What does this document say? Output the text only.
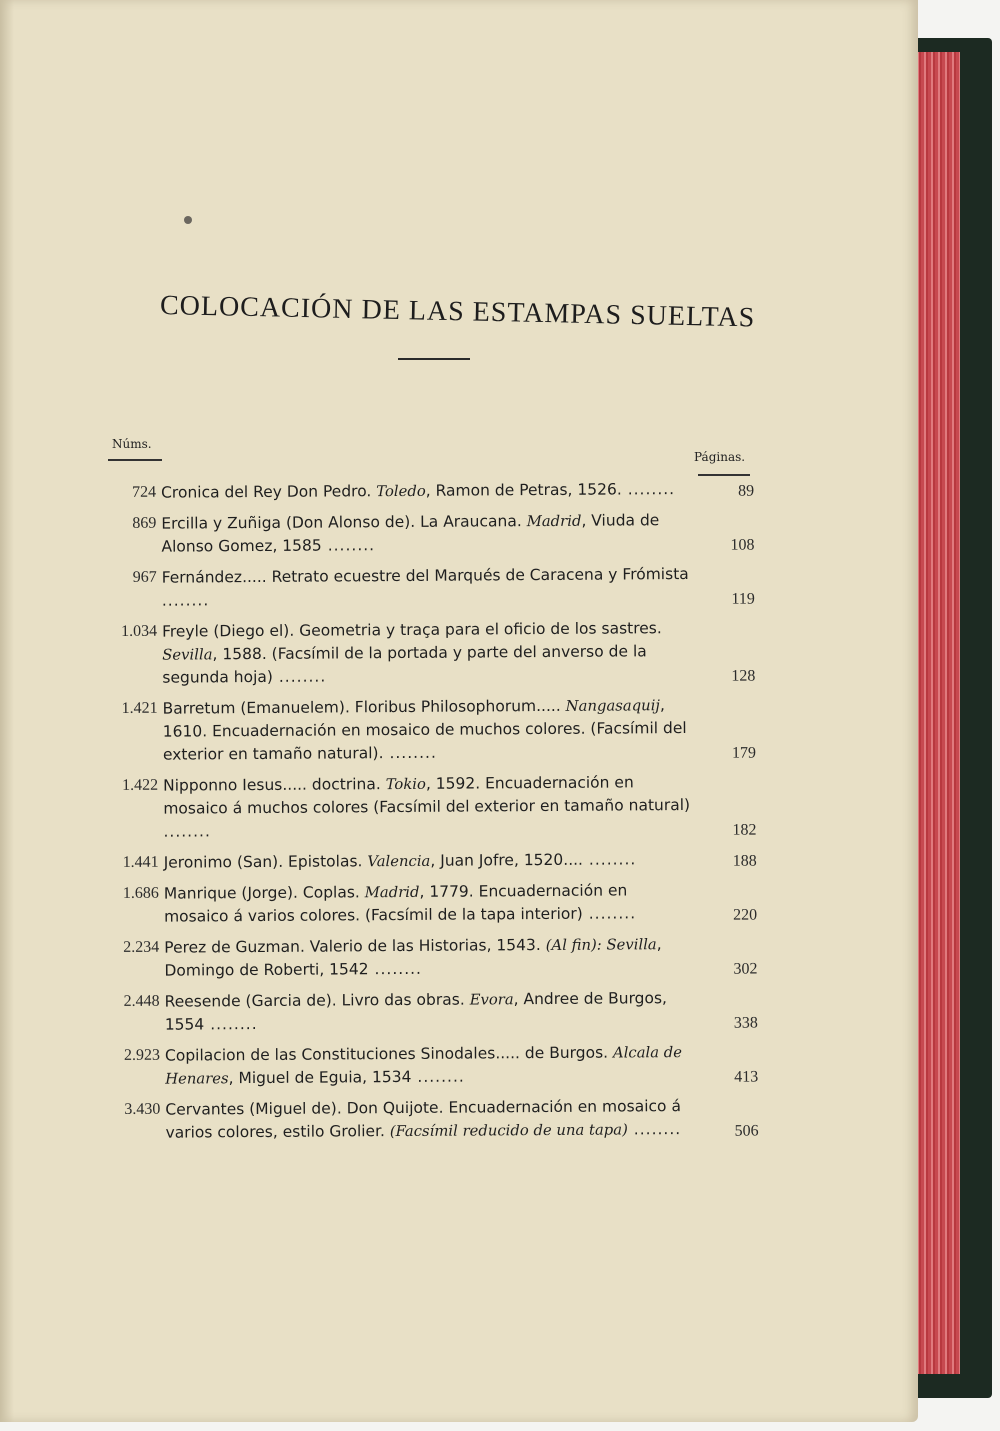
COLOCACIÓN DE LAS ESTAMPAS SUELTAS
Núms.
Páginas.
724 Cronica del Rey Don Pedro. Toledo, Ramon de Petras, 1526. ........	89
869 Ercilla y Zuñiga (Don Alonso de). La Araucana. Madrid, Viuda de Alonso Gomez, 1585 ........	108
967 Fernández..... Retrato ecuestre del Marqués de Caracena y Frómista ........	119
1.034 Freyle (Diego el). Geometria y traça para el oficio de los sastres. Sevilla, 1588. (Facsímil de la portada y parte del anverso de la segunda hoja) ........	128
1.421 Barretum (Emanuelem). Floribus Philosophorum..... Nangasaquij, 1610. Encuadernación en mosaico de muchos colores. (Facsímil del exterior en tamaño natural). ........	179
1.422 Nipponno Iesus..... doctrina. Tokio, 1592. Encuadernación en mosaico á muchos colores (Facsímil del exterior en tamaño natural) ........	182
1.441 Jeronimo (San). Epistolas. Valencia, Juan Jofre, 1520.... ........	188
1.686 Manrique (Jorge). Coplas. Madrid, 1779. Encuadernación en mosaico á varios colores. (Facsímil de la tapa interior) ........	220
2.234 Perez de Guzman. Valerio de las Historias, 1543. (Al fin): Sevilla, Domingo de Roberti, 1542 ........	302
2.448 Reesende (Garcia de). Livro das obras. Evora, Andree de Burgos, 1554 ........	338
2.923 Copilacion de las Constituciones Sinodales..... de Burgos. Alcala de Henares, Miguel de Eguia, 1534 ........	413
3.430 Cervantes (Miguel de). Don Quijote. Encuadernación en mosaico á varios colores, estilo Grolier. (Facsímil reducido de una tapa) ........	506
